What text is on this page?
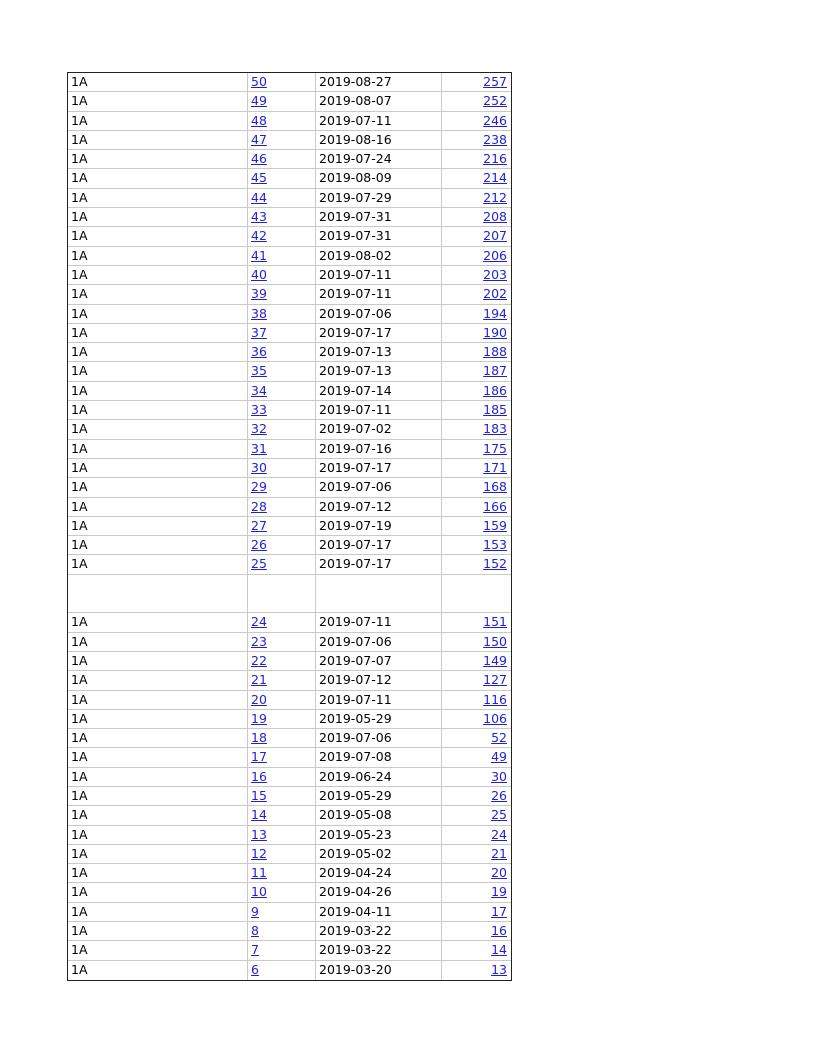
1A	50	2019-08-27	257
1A	49	2019-08-07	252
1A	48	2019-07-11	246
1A	47	2019-08-16	238
1A	46	2019-07-24	216
1A	45	2019-08-09	214
1A	44	2019-07-29	212
1A	43	2019-07-31	208
1A	42	2019-07-31	207
1A	41	2019-08-02	206
1A	40	2019-07-11	203
1A	39	2019-07-11	202
1A	38	2019-07-06	194
1A	37	2019-07-17	190
1A	36	2019-07-13	188
1A	35	2019-07-13	187
1A	34	2019-07-14	186
1A	33	2019-07-11	185
1A	32	2019-07-02	183
1A	31	2019-07-16	175
1A	30	2019-07-17	171
1A	29	2019-07-06	168
1A	28	2019-07-12	166
1A	27	2019-07-19	159
1A	26	2019-07-17	153
1A	25	2019-07-17	152
1A	24	2019-07-11	151
1A	23	2019-07-06	150
1A	22	2019-07-07	149
1A	21	2019-07-12	127
1A	20	2019-07-11	116
1A	19	2019-05-29	106
1A	18	2019-07-06	52
1A	17	2019-07-08	49
1A	16	2019-06-24	30
1A	15	2019-05-29	26
1A	14	2019-05-08	25
1A	13	2019-05-23	24
1A	12	2019-05-02	21
1A	11	2019-04-24	20
1A	10	2019-04-26	19
1A	9	2019-04-11	17
1A	8	2019-03-22	16
1A	7	2019-03-22	14
1A	6	2019-03-20	13
